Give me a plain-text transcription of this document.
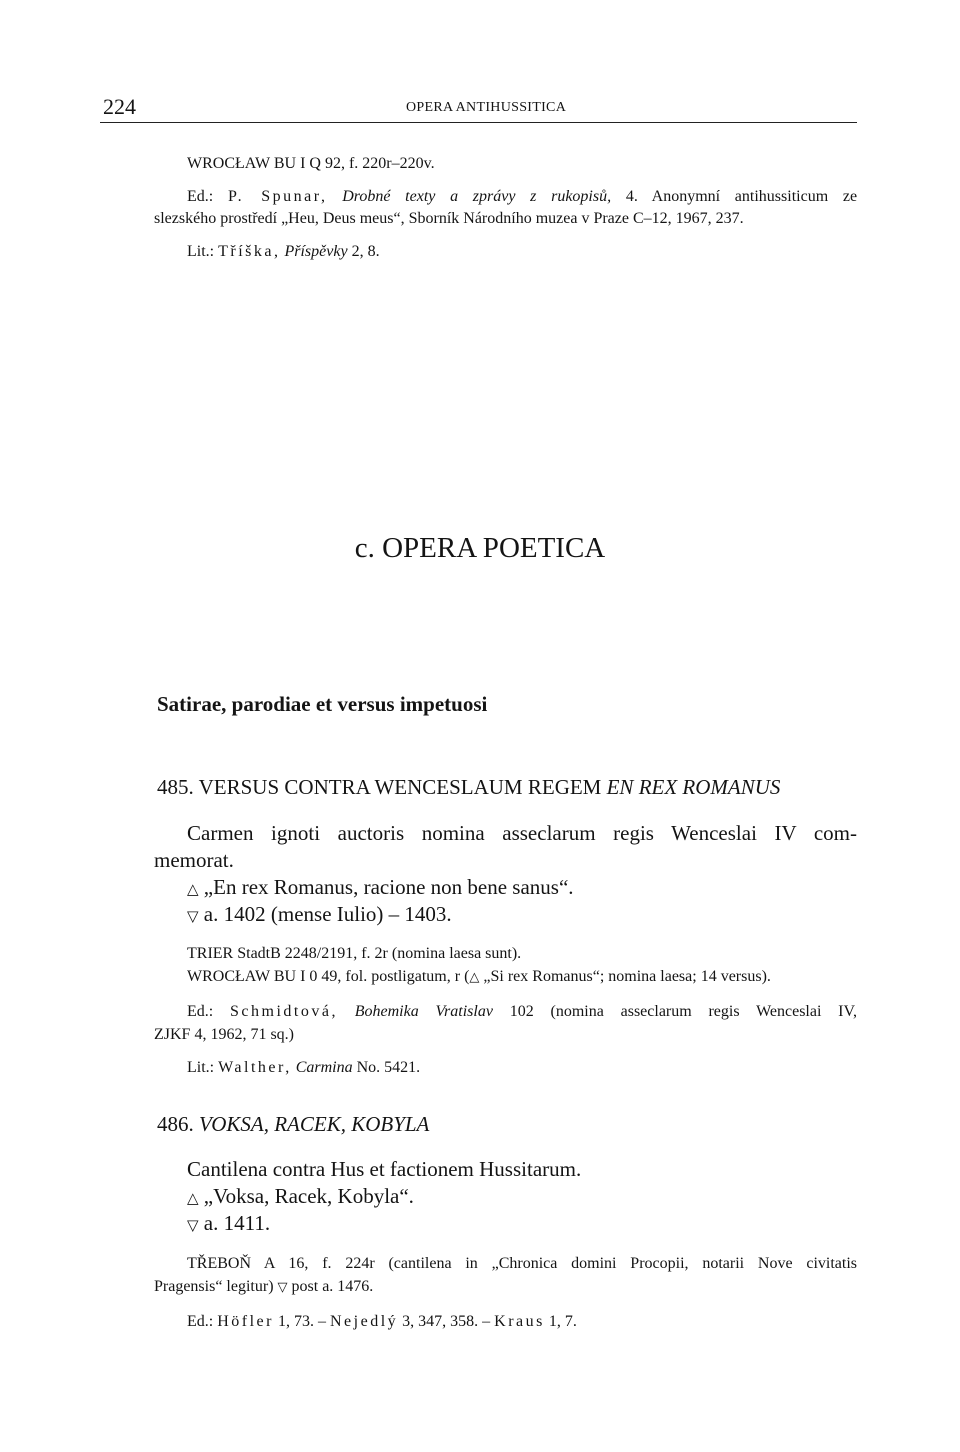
224	OPERA ANTIHUSSITICA
WROCŁAW BU I Q 92, f. 220r–220v.
Ed.: P. Spunar, Drobné texty a zprávy z rukopisů, 4. Anonymní antihussiticum ze
slezského prostředí „Heu, Deus meus“, Sborník Národního muzea v Praze C–12, 1967, 237.
Lit.: Tříška, Příspěvky 2, 8.
c. OPERA POETICA
Satirae, parodiae et versus impetuosi
485. VERSUS CONTRA WENCESLAUM REGEM EN REX ROMANUS
Carmen ignoti auctoris nomina asseclarum regis Wenceslai IV com-
memorat.
△ „En rex Romanus, racione non bene sanus“.
▽ a. 1402 (mense Iulio) – 1403.
TRIER StadtB 2248/2191, f. 2r (nomina laesa sunt).
WROCŁAW BU I 0 49, fol. postligatum, r (△ „Si rex Romanus“; nomina laesa; 14 versus).
Ed.: Schmidtová, Bohemika Vratislav 102 (nomina asseclarum regis Wenceslai IV,
ZJKF 4, 1962, 71 sq.)
Lit.: Walther, Carmina No. 5421.
486. VOKSA, RACEK, KOBYLA
Cantilena contra Hus et factionem Hussitarum.
△ „Voksa, Racek, Kobyla“.
▽ a. 1411.
TŘEBOŇ A 16, f. 224r (cantilena in „Chronica domini Procopii, notarii Nove civitatis
Pragensis“ legitur) ▽ post a. 1476.
Ed.: Höfler 1, 73. – Nejedlý 3, 347, 358. – Kraus 1, 7.
